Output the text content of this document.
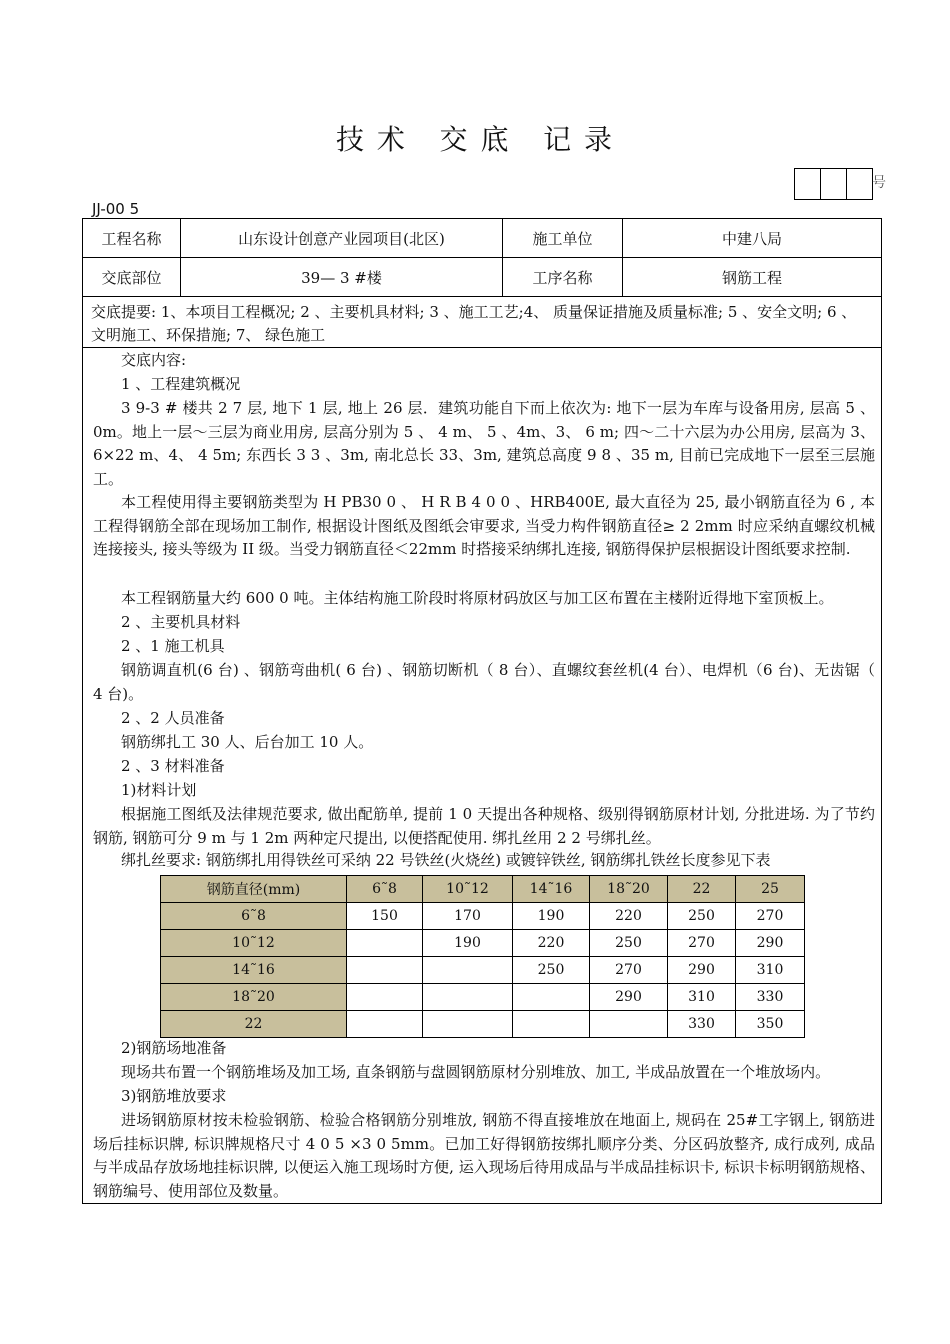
技 术   交 底   记 录
号
JJ-00 5
工程名称	山东设计创意产业园项目(北区)	施工单位	中建八局
交底部位	39— 3 #楼	工序名称	钢筋工程
交底提要: 1、本项目工程概况; 2 、主要机具材料; 3 、施工工艺;4、 质量保证措施及质量标准; 5 、安全文明; 6 、 文明施工、环保措施; 7、 绿色施工
交底内容:
1 、工程建筑概况
3 9-3 # 楼共 2 7 层, 地下 1 层, 地上 26 层．建筑功能自下而上依次为: 地下一层为车库与设备用房, 层高 5 、0m。地上一层～三层为商业用房, 层高分别为 5 、 4 m、 5 、4m、3、 6 m; 四～二十六层为办公用房, 层高为 3、6×22 m、4、 4 5m; 东西长 3 3 、3m, 南北总长 33、3m, 建筑总高度 9 8 、35 m, 目前已完成地下一层至三层施工。
本工程使用得主要钢筋类型为 H PB30 0 、 H R B 4 0 0 、HRB400E, 最大直径为 25, 最小钢筋直径为 6 , 本工程得钢筋全部在现场加工制作, 根据设计图纸及图纸会审要求, 当受力构件钢筋直径≥ 2 2mm 时应采纳直螺纹机械连接接头, 接头等级为 II 级。当受力钢筋直径＜22mm 时搭接采纳绑扎连接, 钢筋得保护层根据设计图纸要求控制.
本工程钢筋量大约 600 0 吨。主体结构施工阶段时将原材码放区与加工区布置在主楼附近得地下室顶板上。
2 、主要机具材料
2 、1 施工机具
钢筋调直机(6 台) 、钢筋弯曲机( 6 台) 、钢筋切断机（ 8 台）、直螺纹套丝机(4 台）、电焊机（6 台)、无齿锯（ 4 台)。
2 、2 人员准备
钢筋绑扎工 30 人、后台加工 10 人。
2 、3 材料准备
1)材料计划
根据施工图纸及法律规范要求, 做出配筋单, 提前 1 0 天提出各种规格、级别得钢筋原材计划, 分批进场. 为了节约钢筋, 钢筋可分 9 m 与 1 2m 两种定尺提出, 以便搭配使用. 绑扎丝用 2 2 号绑扎丝。
绑扎丝要求: 钢筋绑扎用得铁丝可采纳 22 号铁丝(火烧丝) 或镀锌铁丝, 钢筋绑扎铁丝长度参见下表
钢筋直径(mm)	6˜8	10˜12	14˜16	18˜20	22	25
6˜8	150	170	190	220	250	270
10˜12		190	220	250	270	290
14˜16			250	270	290	310
18˜20				290	310	330
22					330	350
2)钢筋场地准备
现场共布置一个钢筋堆场及加工场, 直条钢筋与盘圆钢筋原材分别堆放、加工, 半成品放置在一个堆放场内。
3)钢筋堆放要求
进场钢筋原材按未检验钢筋、检验合格钢筋分别堆放, 钢筋不得直接堆放在地面上, 规码在 25#工字钢上, 钢筋进场后挂标识牌, 标识牌规格尺寸 4 0 5 ×3 0 5mm。已加工好得钢筋按绑扎顺序分类、分区码放整齐, 成行成列, 成品与半成品存放场地挂标识牌, 以便运入施工现场时方便, 运入现场后待用成品与半成品挂标识卡, 标识卡标明钢筋规格、钢筋编号、使用部位及数量。
